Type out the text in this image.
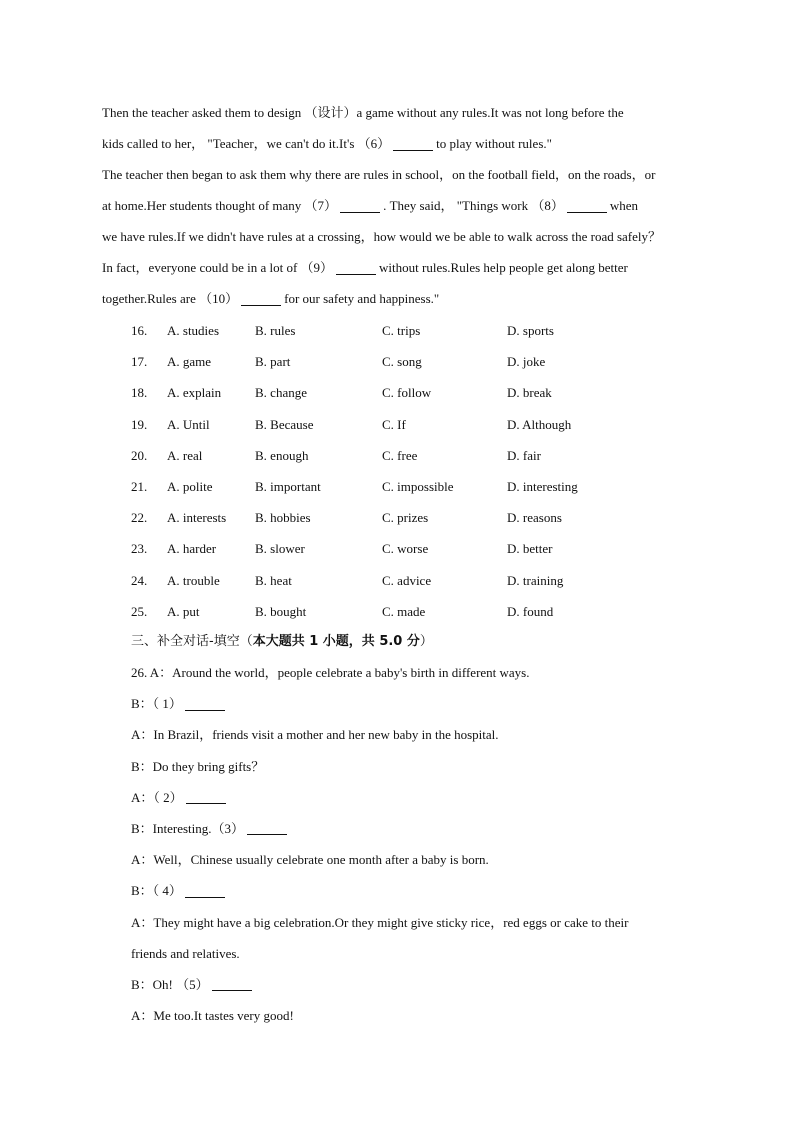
Then the teacher asked them to design （设计）a game without any rules.It was not long before the
kids called to her， "Teacher，we can't do it.It's （6）	to play without rules."
The teacher then began to ask them why there are rules in school，on the football field，on the roads，or
at home.Her students thought of many （7）	. They said， "Things work （8）	when
we have rules.If we didn't have rules at a crossing，how would we be able to walk across the road safely？
In fact，everyone could be in a lot of （9）	without rules.Rules help people get along better
together.Rules are （10）	for our safety and happiness."
16. A. studies	B. rules	C. trips	D. sports
17. A. game	B. part	C. song	D. joke
18. A. explain	B. change	C. follow	D. break
19. A. Until	B. Because	C. If	D. Although
20. A. real	B. enough	C. free	D. fair
21. A. polite	B. important	C. impossible	D. interesting
22. A. interests B. hobbies	C. prizes	D. reasons
23. A. harder	B. slower	C. worse	D. better
24. A. trouble	B. heat	C. advice	D. training
25. A. put	B. bought	C. made	D. found
三、补全对话-填空（本大题共 1 小题，共 5.0 分）
26. A：Around the world，people celebrate a baby's birth in different ways.
B：（ 1）
A：In Brazil，friends visit a mother and her new baby in the hospital.
B：Do they bring gifts？
A：（ 2）
B：Interesting.（3）
A：Well，Chinese usually celebrate one month after a baby is born.
B：（ 4）
A：They might have a big celebration.Or they might give sticky rice，red eggs or cake to their
friends and relatives.
B：Oh! （5）
A：Me too.It tastes very good!
